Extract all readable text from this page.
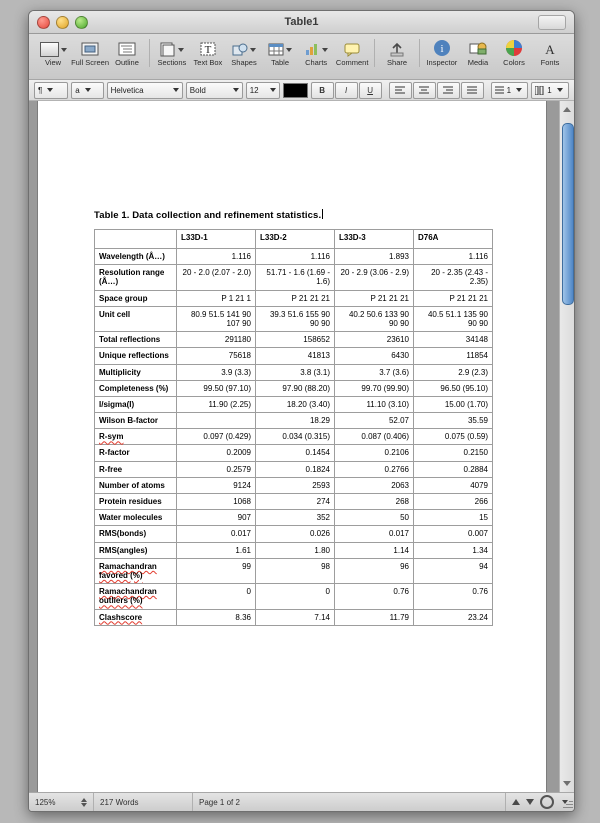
Table1
View Full Screen Outline Sections
T
Text Box Shapes Table Charts Comment Share
i
Inspector Media Colors
A
Fonts
¶	a	Helvetica	Bold	12	B	I	U	1	1
Table 1. Data collection and refinement statistics.
	L33D-1	L33D-2	L33D-3	D76A
Wavelength (Å…)	1.116	1.116	1.893	1.116
Resolution range (Å…)	20 - 2.0 (2.07 - 2.0)	51.71 - 1.6 (1.69 - 1.6)	20 - 2.9 (3.06 - 2.9)	20 - 2.35 (2.43 - 2.35)
Space group	P 1 21 1	P 21 21 21	P 21 21 21	P 21 21 21
Unit cell	80.9 51.5 141 90 107 90	39.3 51.6 155 90 90 90	40.2 50.6 133 90 90 90	40.5 51.1 135 90 90 90
Total reflections	291180	158652	23610	34148
Unique reflections	75618	41813	6430	11854
Multiplicity	3.9 (3.3)	3.8 (3.1)	3.7 (3.6)	2.9 (2.3)
Completeness (%)	99.50 (97.10)	97.90 (88.20)	99.70 (99.90)	96.50 (95.10)
I/sigma(I)	11.90 (2.25)	18.20 (3.40)	11.10 (3.10)	15.00 (1.70)
Wilson B-factor		18.29	52.07	35.59
R-sym	0.097 (0.429)	0.034 (0.315)	0.087 (0.406)	0.075 (0.59)
R-factor	0.2009	0.1454	0.2106	0.2150
R-free	0.2579	0.1824	0.2766	0.2884
Number of atoms	9124	2593	2063	4079
Protein residues	1068	274	268	266
Water molecules	907	352	50	15
RMS(bonds)	0.017	0.026	0.017	0.007
RMS(angles)	1.61	1.80	1.14	1.34
Ramachandran favored (%)	99	98	96	94
Ramachandran outliers (%)	0	0	0.76	0.76
Clashscore	8.36	7.14	11.79	23.24
125%	217 Words	Page 1 of 2
